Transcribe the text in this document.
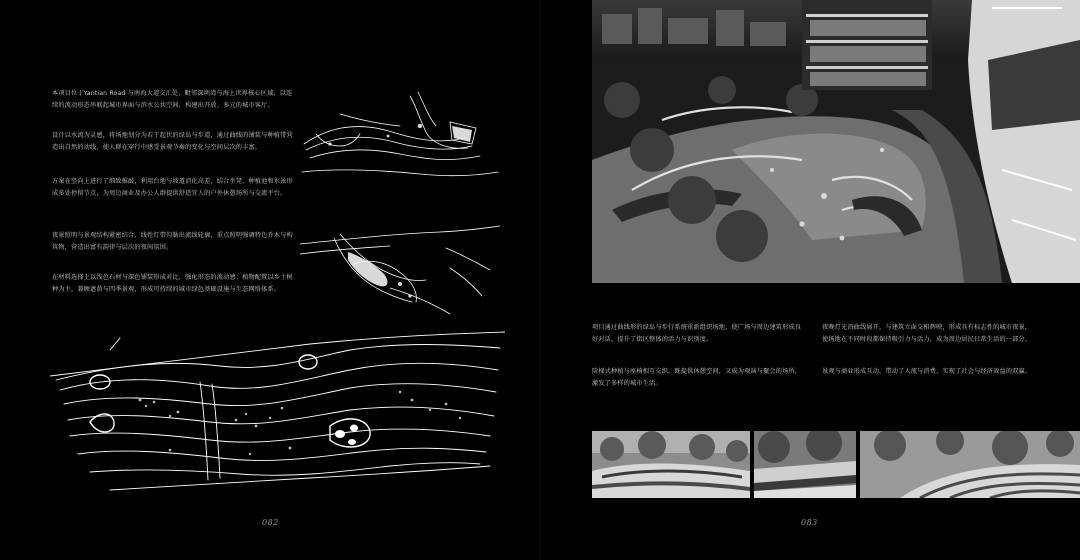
本项目位于Yantian Road 与南海大道交汇处，毗邻深圳湾与海上世界核心区域，以连续的流动形态串联起城市界面与滨水公共空间，构建出开放、多元的城市客厅。

设计以水流为灵感，将场地划分为若干起伏的绿岛与步道，通过曲线的铺装与种植带营造出自然的动线，使人群在穿行中感受景观节奏的变化与空间层次的丰富。

方案在竖向上进行了细致推敲，利用台地与坡道消化高差，结合坐凳、种植池和水景形成多处停留节点，为周边商业及办公人群提供舒适宜人的户外休憩场所与交流平台。

夜景照明与景观结构紧密结合，线性灯带勾勒出流线轮廓，重点照明强调特色乔木与构筑物，营造出富有韵律与层次的夜间氛围。

在材料选择上以浅色石材与深色铺装形成对比，强化形态的流动感；植物配置以乡土树种为主，兼顾遮荫与四季景观，形成可持续的城市绿色基础设施与生态网络体系。

项目通过曲线形的绿岛与步行系统重新组织场地，使广场与周边建筑形成良好对话，提升了街区整体的活力与识别度。

阶梯式种植与座椅相互交织，既提供休憩空间，又成为观演与聚会的场所，激发了多样的城市生活。

夜晚灯光沿曲线展开，与建筑立面交相辉映，形成具有标志性的城市夜景，使场地在不同时段都保持吸引力与活力，成为周边居民日常生活的一部分。

景观与商业形成互动，带动了人流与消费，实现了社会与经济效益的双赢。

082	083
